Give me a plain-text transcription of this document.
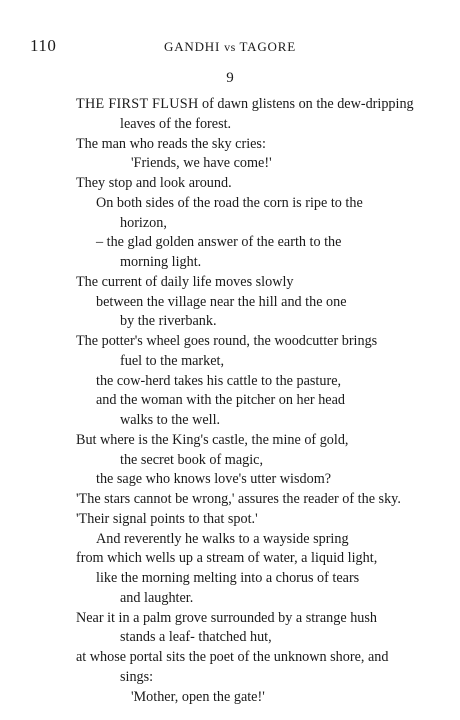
110	GANDHI vs TAGORE
9
THE FIRST FLUSH of dawn glistens on the dew-dripping
leaves of the forest.
The man who reads the sky cries:
'Friends, we have come!'
They stop and look around.
On both sides of the road the corn is ripe to the
horizon,
– the glad golden answer of the earth to the
morning light.
The current of daily life moves slowly
between the village near the hill and the one
by the riverbank.
The potter's wheel goes round, the woodcutter brings
fuel to the market,
the cow-herd takes his cattle to the pasture,
and the woman with the pitcher on her head
walks to the well.
But where is the King's castle, the mine of gold,
the secret book of magic,
the sage who knows love's utter wisdom?
'The stars cannot be wrong,' assures the reader of the sky.
'Their signal points to that spot.'
And reverently he walks to a wayside spring
from which wells up a stream of water, a liquid light,
like the morning melting into a chorus of tears
and laughter.
Near it in a palm grove surrounded by a strange hush
stands a leaf- thatched hut,
at whose portal sits the poet of the unknown shore, and
sings:
'Mother, open the gate!'
